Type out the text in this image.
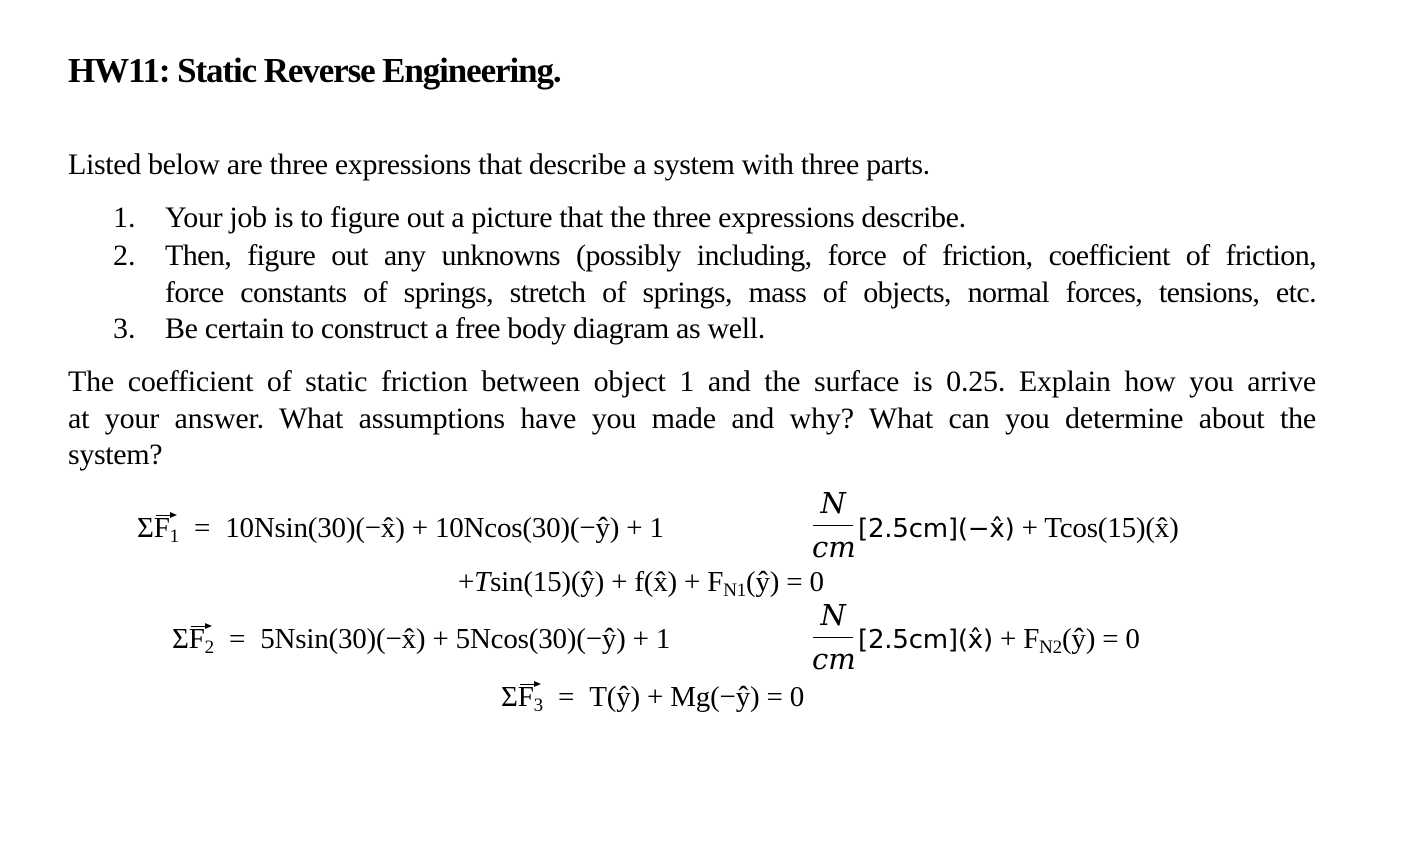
HW11: Static Reverse Engineering.
Listed below are three expressions that describe a system with three parts.
1. Your job is to figure out a picture that the three expressions describe.
2. Then, figure out any unknowns (possibly including, force of friction, coefficient of friction,
force constants of springs, stretch of springs, mass of objects, normal forces, tensions, etc.
3. Be certain to construct a free body diagram as well.
The coefficient of static friction between object 1 and the surface is 0.25. Explain how you arrive
at your answer. What assumptions have you made and why? What can you determine about the
system?
$\Sigma F_1$ = 10Nsin(30)(−x̂) + 10Ncos(30)(−ŷ) + 1
N
cm
[2.5cm](−x̂) + Tcos(15)(x̂)
+Tsin(15)(ŷ) + f(x̂) + $F_{N1}(ŷ) = 0$
$\Sigma F_2$ = 5Nsin(30)(−x̂) + 5Ncos(30)(−ŷ) + 1
N
cm
[2.5cm](x̂) + $F_{N2}(ŷ) = 0$
$\Sigma F_3$ = T(ŷ) + Mg(−ŷ) = 0
